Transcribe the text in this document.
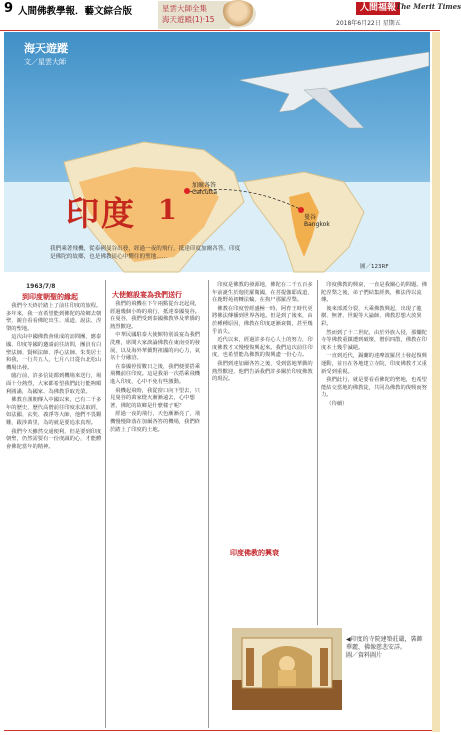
9 人間佛教學報．藝文綜合版	星雲大師全集
海天遊蹤(1)‧15
人間福報 The Merit Times
2018年6月22日 星期五
海天遊蹤
文／星雲大師
加爾各答
Calcutta
曼谷
Bangkok
圖／123RF
印度 1
我們乘著飛機，從泰國曼谷出發，經過一夜的飛行，抵達印度加爾各答。印度是佛陀的故鄉，也是佛教徒心中嚮往的聖地……
1963/7/8
到印度朝聖的緣起

我們今天終於踏上了前往印度的旅程。多年來，我一直希望能到佛陀的故鄉去朝聖，親自看看佛陀出生、成道、說法、涅槃的聖地。

這次由中國佛教會組成的訪問團，應泰國、印度等國的邀請前往訪問，團員有白聖法師、賢頓法師、淨心法師、朱斐居士和我，一行共五人，七月八日從台北松山機場出發。

臨行前，許多信徒都到機場來送行，場面十分熱烈，大家都希望我們此行能夠順利圓滿，為國家、為佛教爭取光榮。

佛教自漢朝傳入中國以來，已有二千多年的歷史，歷代高僧前往印度求法取經，如法顯、玄奘、義淨等大師，他們不畏艱難，跋涉萬里，為的就是要追求真理。

我們今天雖然交通便利，但是要到印度朝聖，仍然需要有一份虔誠的心，才能體會佛陀當年的精神。

大使館設宴為我們送行

我們的飛機在下午兩點從台北起飛，經過幾個小時的飛行，抵達泰國曼谷。在曼谷，我們受到泰國佛教界及華僑的熱烈歡迎。

中華民國駐泰大使館特別設宴為我們洗塵，席間大家談論佛教在東南亞的發展，以及海外華僑對祖國的向心力，氣氛十分融洽。

在泰國停留數日之後，我們便要搭乘飛機前往印度。這是我第一次搭乘飛機進入印度，心中不免有些激動。

飛機起飛時，我從窗口向下望去，只見曼谷的萬家燈火漸漸遠去，心中想著，佛陀的故鄉是什麼樣子呢？

經過一夜的飛行，天色漸漸亮了，飛機慢慢降落在加爾各答的機場，我們終於踏上了印度的土地。

印度是佛教的發源地，佛陀在二千五百多年前誕生於迦毘羅衛國，在菩提伽耶成道，在鹿野苑初轉法輪，在拘尸那羅涅槃。

佛教在印度曾經盛極一時，阿育王時代更將佛法傳播到世界各地。但是到了後來，由於種種原因，佛教在印度逐漸衰微，甚至幾乎消失。

近代以來，經過許多有心人士的努力，印度佛教才又慢慢復興起來。我們這次前往印度，也希望能為佛教的復興盡一份心力。

我們到達加爾各答之後，受到當地華僑的熱烈歡迎，他們告訴我們許多關於印度佛教的現況。

印度佛教的興衰

印度佛教的興衰，一直是我關心的問題。佛陀涅槃之後，弟子們結集經典，佛法得以流傳。

後來部派分裂，大乘佛教興起，出現了龍樹、無著、世親等大論師，佛教思想大放異彩。

然而到了十二世紀，由於外族入侵，那爛陀寺等佛教重鎮遭到破壞，僧侶四散，佛教在印度本土幾乎滅絕。

一直到近代，錫蘭的達摩波羅居士發起復興運動，並且在各地建立寺院，印度佛教才又重新受到重視。

我們此行，就是要看看佛陀的聖地，也希望能結交當地的佛教徒，共同為佛教的復興而努力。

（待續）

◀印度的寺院建築莊嚴，裝飾華麗，佛像慈悲安詳。
圖／資料圖片
